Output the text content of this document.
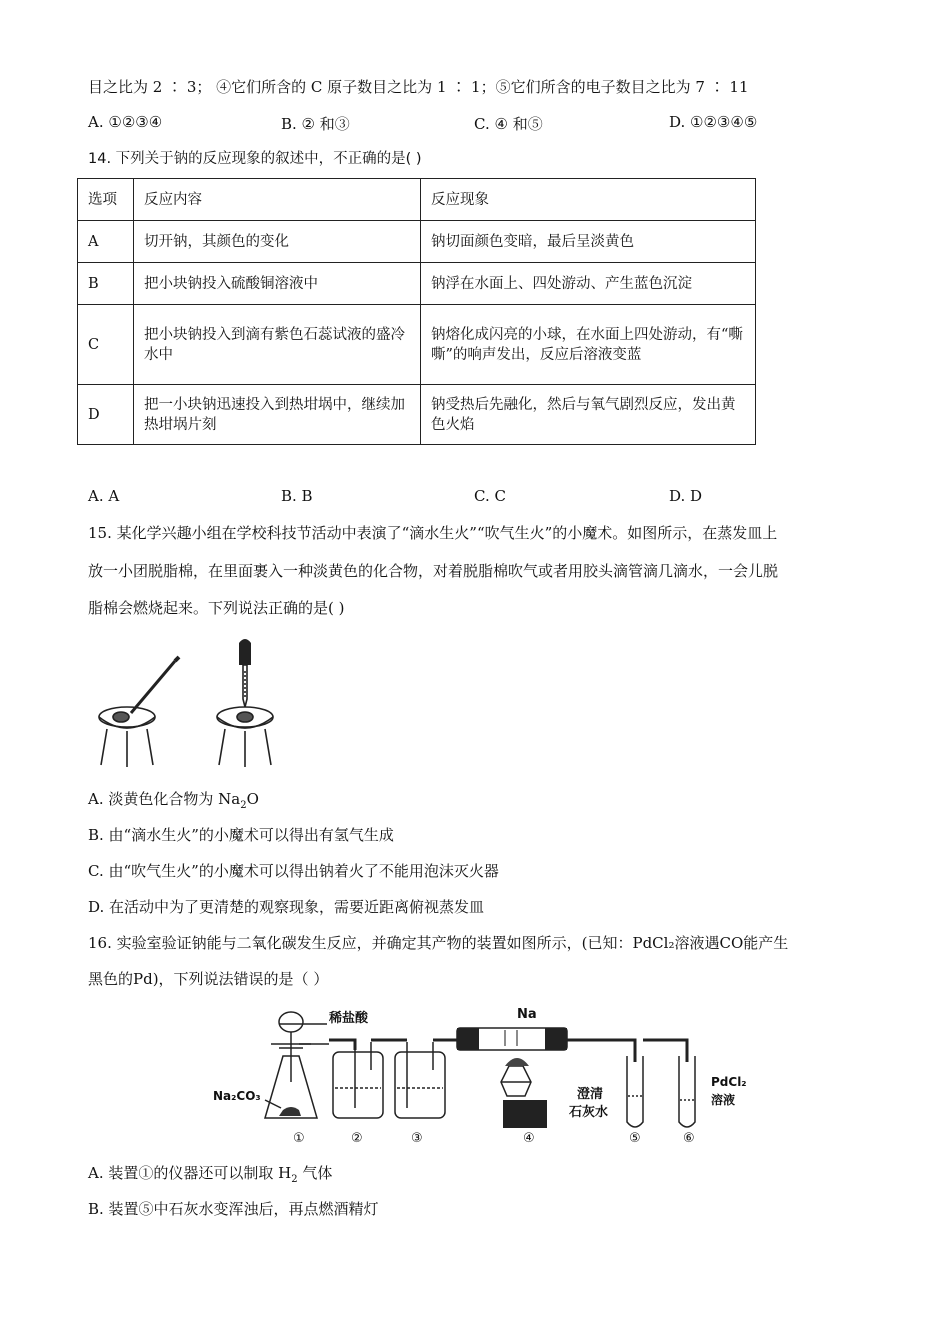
目之比为 2 ∶ 3； ④它们所含的 C 原子数目之比为 1 ∶ 1；⑤它们所含的电子数目之比为 7 ∶ 11
A. ①②③④	B. ② 和③	C. ④ 和⑤	D. ①②③④⑤
14. 下列关于钠的反应现象的叙述中，不正确的是( )
选项	反应内容	反应现象
A	切开钠，其颜色的变化	钠切面颜色变暗，最后呈淡黄色
B	把小块钠投入硫酸铜溶液中	钠浮在水面上、四处游动、产生蓝色沉淀
C	把小块钠投入到滴有紫色石蕊试液的盛冷水中	钠熔化成闪亮的小球，在水面上四处游动，有“嘶嘶”的响声发出，反应后溶液变蓝
D	把一小块钠迅速投入到热坩埚中，继续加热坩埚片刻	钠受热后先融化，然后与氧气剧烈反应，发出黄色火焰
A. A	B. B	C. C	D. D
15. 某化学兴趣小组在学校科技节活动中表演了“滴水生火”“吹气生火”的小魔术。如图所示，在蒸发皿上
放一小团脱脂棉，在里面裹入一种淡黄色的化合物，对着脱脂棉吹气或者用胶头滴管滴几滴水，一会儿脱
脂棉会燃烧起来。下列说法正确的是( )
A. 淡黄色化合物为 $Na_2O$
B. 由“滴水生火”的小魔术可以得出有氢气生成
C. 由“吹气生火”的小魔术可以得出钠着火了不能用泡沫灭火器
D. 在活动中为了更清楚的观察现象，需要近距离俯视蒸发皿
16. 实验室验证钠能与二氧化碳发生反应，并确定其产物的装置如图所示，(已知：PdCl₂溶液遇CO能产生
黑色的Pd)，下列说法错误的是（ ）
稀盐酸	Na
Na₂CO₃	澄清
石灰水
PdCl₂
溶液
①	②	③	④	⑤	⑥
A. 装置①的仪器还可以制取 $H_2$ 气体
B. 装置⑤中石灰水变浑浊后，再点燃酒精灯
